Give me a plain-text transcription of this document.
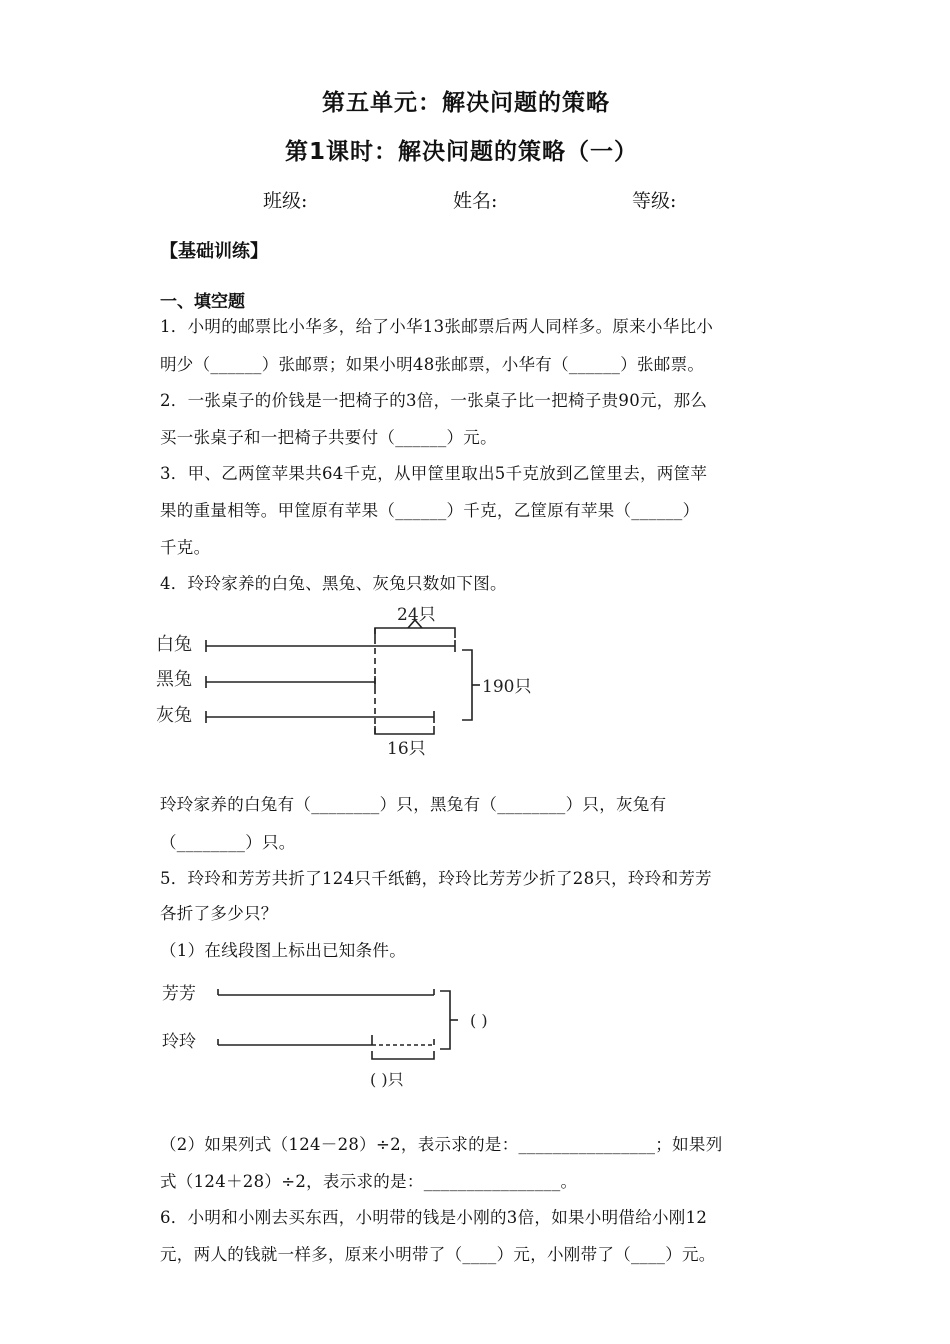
第五单元：解决问题的策略
第1课时：解决问题的策略（一）
班级:	姓名:	等级:
【基础训练】
一、填空题
1．小明的邮票比小华多，给了小华13张邮票后两人同样多。原来小华比小
明少（______）张邮票；如果小明48张邮票，小华有（______）张邮票。
2．一张桌子的价钱是一把椅子的3倍，一张桌子比一把椅子贵90元，那么
买一张桌子和一把椅子共要付（______）元。
3．甲、乙两筐苹果共64千克，从甲筐里取出5千克放到乙筐里去，两筐苹
果的重量相等。甲筐原有苹果（______）千克，乙筐原有苹果（______）
千克。
4．玲玲家养的白兔、黑兔、灰兔只数如下图。
白兔
黑兔
灰兔
24只
190只
16只
玲玲家养的白兔有（________）只，黑兔有（________）只，灰兔有
（________）只。
5．玲玲和芳芳共折了124只千纸鹤，玲玲比芳芳少折了28只，玲玲和芳芳
各折了多少只？
（1）在线段图上标出已知条件。
芳芳
玲玲
( )
( )只
（2）如果列式（124－28）÷2，表示求的是：________________；如果列
式（124＋28）÷2，表示求的是：________________。
6．小明和小刚去买东西，小明带的钱是小刚的3倍，如果小明借给小刚12
元，两人的钱就一样多，原来小明带了（____）元，小刚带了（____）元。
